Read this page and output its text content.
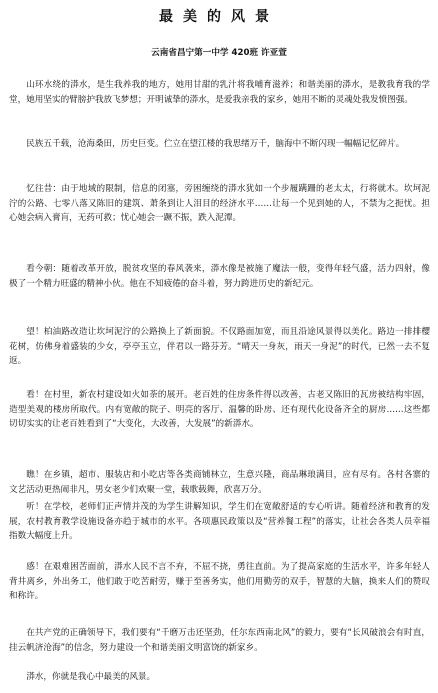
最美的风景
云南省昌宁第一中学 420班 许亚萱

山环水绕的漭水，是生我养我的地方，她用甘甜的乳汁将我哺育滋养；和谐美丽的漭水，是教我育我的学堂，她用坚实的臂膀护我放飞梦想；开明诚挚的漭水，是爱我亲我的家乡，她用不断的灵魂处我发愤图强。

民族五千载，沧海桑田，历史巨变。伫立在望江楼的我思绪万千，脑海中不断闪现一幅幅记忆碎片。

忆往昔：由于地域的限制，信息的闭塞，旁困缠绕的漭水犹如一个步履蹒跚的老太太，行将就木。坎坷泥泞的公路、七零八落又陈旧的建筑、萧条到让人泪目的经济水平……让每一个见到她的人，不禁为之扼忧。担心她会病入膏肓，无药可救；忧心她会一蹶不振，跌入泥潭。

看今朝：随着改革开放，脱贫攻坚的春风袭来，漭水像是被施了魔法一般，变得年轻气盛，活力四射，像极了一个精力旺盛的精神小伙。他在不知疲倦的奋斗着，努力跨进历史的新纪元。

望！柏油路改造让坎坷泥泞的公路换上了新面貌。不仅路面加宽，而且沿途风景得以美化。路边一排排樱花树，仿佛身着盛装的少女，亭亭玉立，伴君以一路芬芳。“晴天一身灰，雨天一身泥”的时代，已然一去不复返。

看！在村里，新农村建设如火如荼的展开。老百姓的住房条件得以改善，古老又陈旧的瓦房被结构牢固，造型美观的楼房所取代。内有宽敞的院子、明亮的客厅、温馨的卧房、还有现代化设备齐全的厨房……这些都切切实实的让老百姓看到了“大变化，大改善，大发展”的新漭水。

瞧！在乡镇，超市、服装店和小吃店等各类商铺林立，生意兴隆，商品琳琅满目，应有尽有。各村各寨的文艺活动更热闹非凡，男女老少们欢聚一堂，载歌载舞，欣喜万分。

听！在学校，老师们正声情并茂的为学生讲解知识，学生们在宽敞舒适的专心听讲。随着经济和教育的发展，农村教育教学设施设备亦趋于城市的水平。各项惠民政策以及“营养餐工程”的落实，让社会各类人员幸福指数大幅度上升。

感！在艰难困苦面前，漭水人民不言不弃，不屈不挠，勇往直前。为了提高家庭的生活水平，许多年轻人背井离乡，外出务工，他们敢于吃苦耐劳，赚于至善务实，他们用勤劳的双手，智慧的大脑，换来人们的赞叹和称许。

在共产党的正确领导下，我们要有“千磨万击还坚劲，任尔东西南北风”的毅力，要有“长风破浪会有时直，挂云帆济沧海”的信念，努力建设一个和谐美丽文明富饶的新家乡。

漭水，你就是我心中最美的风景。
